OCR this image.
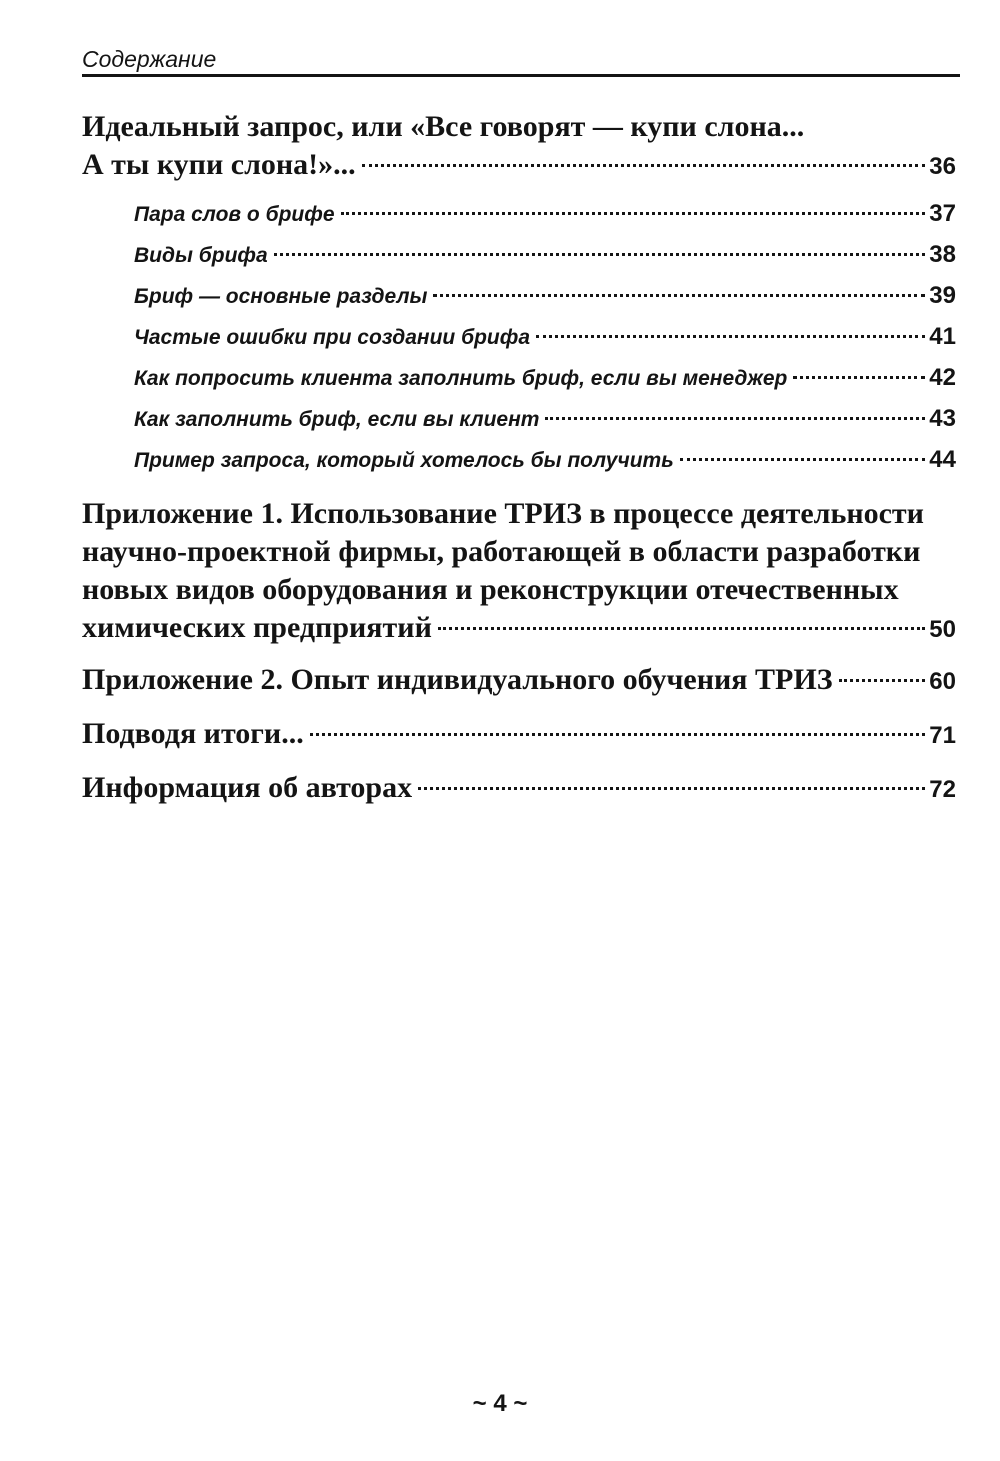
Содержание
Идеальный запрос, или «Все говорят — купи слона...
А ты купи слона!»...	36
Пара слов о брифе	37
Виды брифа	38
Бриф — основные разделы	39
Частые ошибки при создании брифа	41
Как попросить клиента заполнить бриф, если вы менеджер	42
Как заполнить бриф, если вы клиент	43
Пример запроса, который хотелось бы получить	44
Приложение 1. Использование ТРИЗ в процессе деятельности
научно-проектной фирмы, работающей в области разработки
новых видов оборудования и реконструкции отечественных
химических предприятий	50
Приложение 2. Опыт индивидуального обучения ТРИЗ	60
Подводя итоги...	71
Информация об авторах	72
~ 4 ~
